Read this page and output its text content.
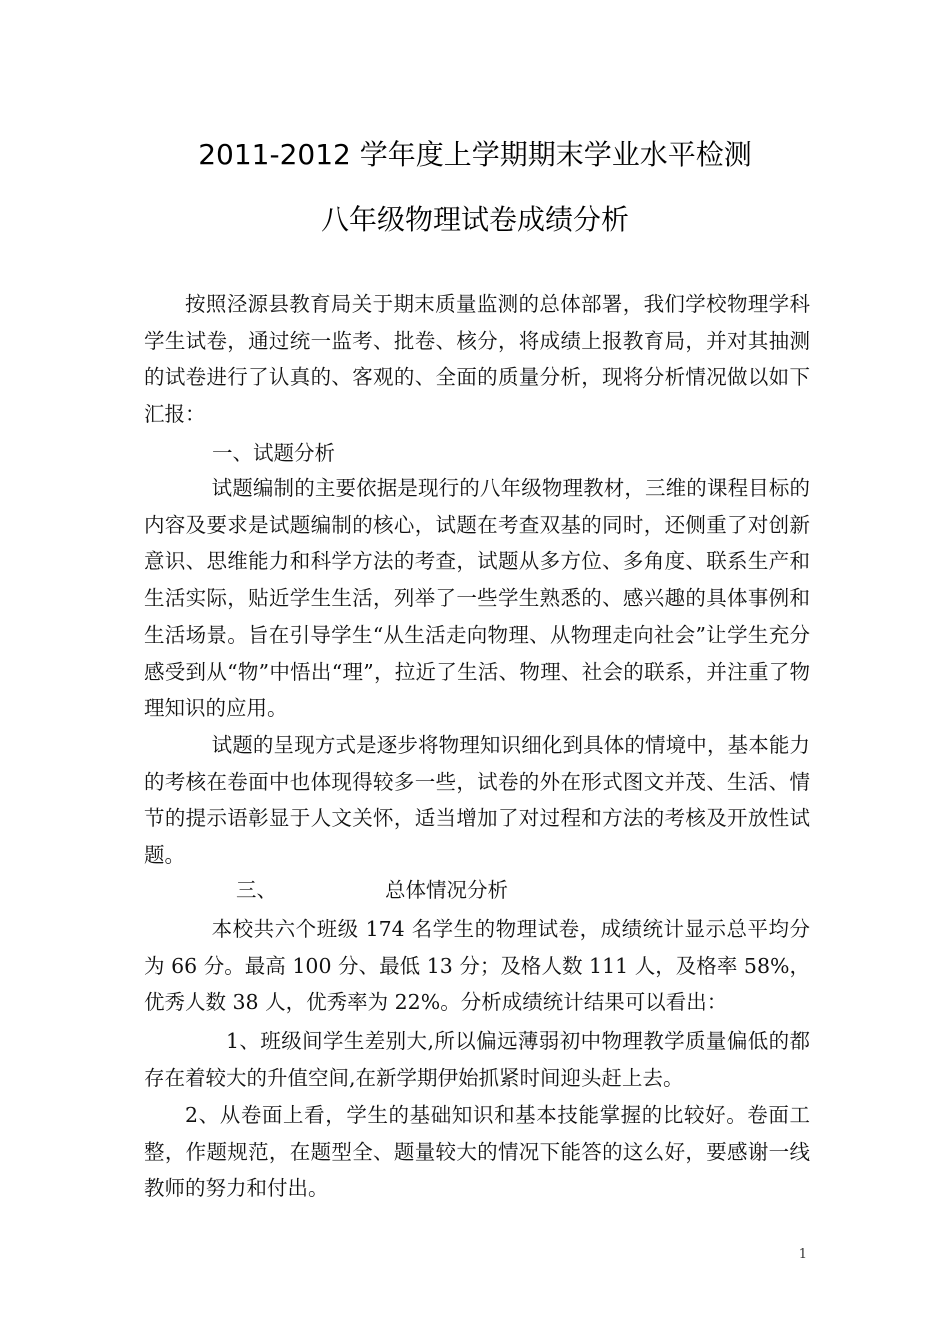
2011-2012 学年度上学期期末学业水平检测
八年级物理试卷成绩分析

按照泾源县教育局关于期末质量监测的总体部署，我们学校物理学科学生试卷，通过统一监考、批卷、核分，将成绩上报教育局，并对其抽测的试卷进行了认真的、客观的、全面的质量分析，现将分析情况做以如下汇报：

一、试题分析

试题编制的主要依据是现行的八年级物理教材，三维的课程目标的内容及要求是试题编制的核心，试题在考查双基的同时，还侧重了对创新意识、思维能力和科学方法的考查，试题从多方位、多角度、联系生产和生活实际，贴近学生生活，列举了一些学生熟悉的、感兴趣的具体事例和生活场景。旨在引导学生“从生活走向物理、从物理走向社会”让学生充分感受到从“物”中悟出“理”，拉近了生活、物理、社会的联系，并注重了物理知识的应用。

试题的呈现方式是逐步将物理知识细化到具体的情境中，基本能力的考核在卷面中也体现得较多一些，试卷的外在形式图文并茂、生活、情节的提示语彰显于人文关怀，适当增加了对过程和方法的考核及开放性试题。

三、	总体情况分析

本校共六个班级 174 名学生的物理试卷，成绩统计显示总平均分为 66 分。最高 100 分、最低 13 分；及格人数 111 人，及格率 58%，优秀人数 38 人，优秀率为 22%。分析成绩统计结果可以看出：

1、班级间学生差别大,所以偏远薄弱初中物理教学质量偏低的都存在着较大的升值空间,在新学期伊始抓紧时间迎头赶上去。

2、从卷面上看，学生的基础知识和基本技能掌握的比较好。卷面工整，作题规范，在题型全、题量较大的情况下能答的这么好，要感谢一线教师的努力和付出。

1
